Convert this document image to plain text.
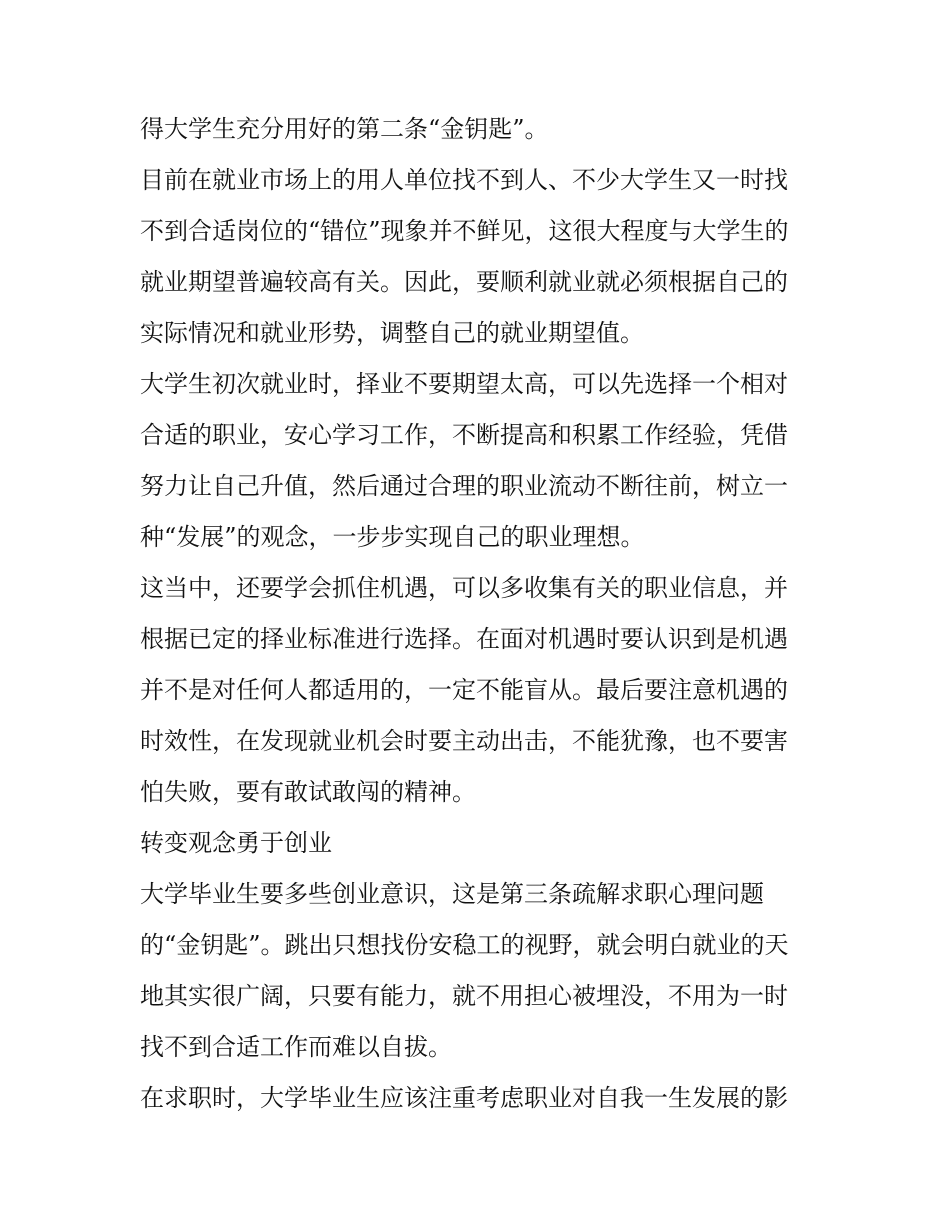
得大学生充分用好的第二条“金钥匙”。

目前在就业市场上的用人单位找不到人、不少大学生又一时找
不到合适岗位的“错位”现象并不鲜见，这很大程度与大学生的
就业期望普遍较高有关。因此，要顺利就业就必须根据自己的
实际情况和就业形势，调整自己的就业期望值。

大学生初次就业时，择业不要期望太高，可以先选择一个相对
合适的职业，安心学习工作，不断提高和积累工作经验，凭借
努力让自己升值，然后通过合理的职业流动不断往前，树立一
种“发展”的观念，一步步实现自己的职业理想。

这当中，还要学会抓住机遇，可以多收集有关的职业信息，并
根据已定的择业标准进行选择。在面对机遇时要认识到是机遇
并不是对任何人都适用的，一定不能盲从。最后要注意机遇的
时效性，在发现就业机会时要主动出击，不能犹豫，也不要害
怕失败，要有敢试敢闯的精神。

转变观念勇于创业

大学毕业生要多些创业意识，这是第三条疏解求职心理问题
的“金钥匙”。跳出只想找份安稳工的视野，就会明白就业的天
地其实很广阔，只要有能力，就不用担心被埋没，不用为一时
找不到合适工作而难以自拔。

在求职时，大学毕业生应该注重考虑职业对自我一生发展的影
